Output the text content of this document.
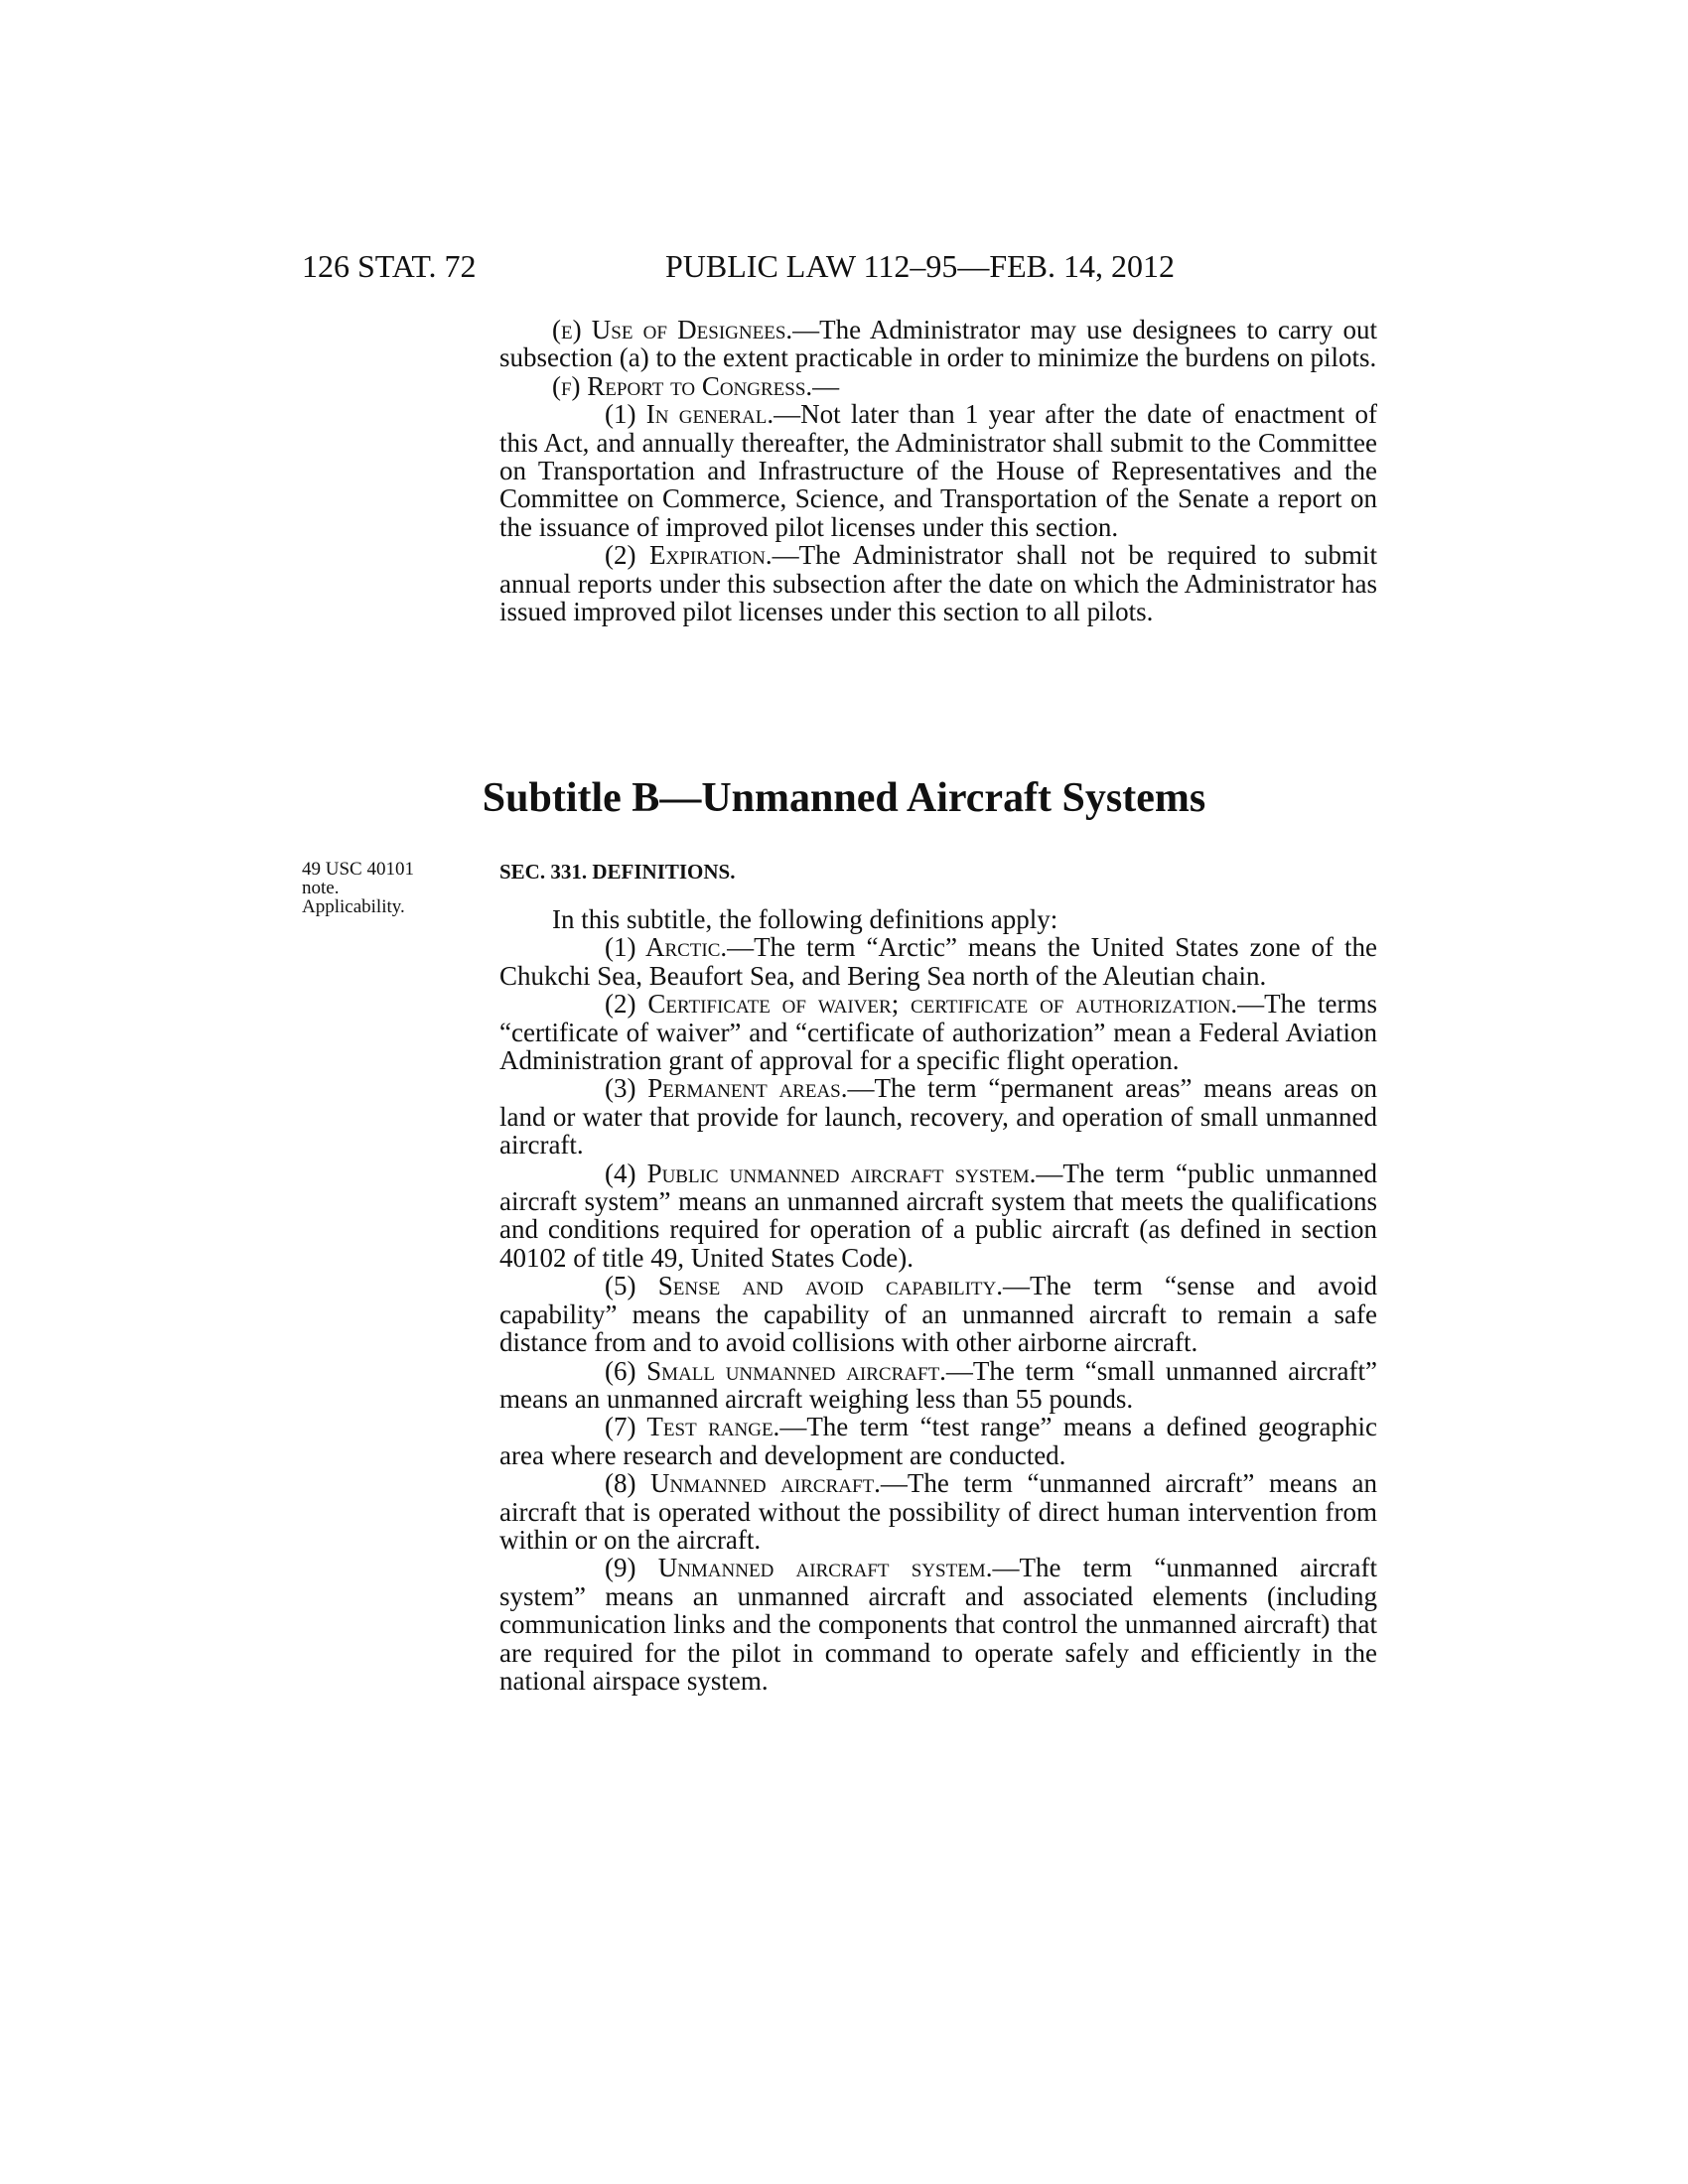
126 STAT. 72	PUBLIC LAW 112–95—FEB. 14, 2012

(e) Use of Designees.—The Administrator may use designees to carry out subsection (a) to the extent practicable in order to minimize the burdens on pilots.

(f) Report to Congress.—

(1) In general.—Not later than 1 year after the date of enactment of this Act, and annually thereafter, the Administrator shall submit to the Committee on Transportation and Infrastructure of the House of Representatives and the Committee on Commerce, Science, and Transportation of the Senate a report on the issuance of improved pilot licenses under this section.

(2) Expiration.—The Administrator shall not be required to submit annual reports under this subsection after the date on which the Administrator has issued improved pilot licenses under this section to all pilots.

Subtitle B—Unmanned Aircraft Systems
49 USC 40101
note.
Applicability.
SEC. 331. DEFINITIONS.

In this subtitle, the following definitions apply:

(1) Arctic.—The term “Arctic” means the United States zone of the Chukchi Sea, Beaufort Sea, and Bering Sea north of the Aleutian chain.

(2) Certificate of waiver; certificate of authorization.—The terms “certificate of waiver” and “certificate of authorization” mean a Federal Aviation Administration grant of approval for a specific flight operation.

(3) Permanent areas.—The term “permanent areas” means areas on land or water that provide for launch, recovery, and operation of small unmanned aircraft.

(4) Public unmanned aircraft system.—The term “public unmanned aircraft system” means an unmanned aircraft system that meets the qualifications and conditions required for operation of a public aircraft (as defined in section 40102 of title 49, United States Code).

(5) Sense and avoid capability.—The term “sense and avoid capability” means the capability of an unmanned aircraft to remain a safe distance from and to avoid collisions with other airborne aircraft.

(6) Small unmanned aircraft.—The term “small unmanned aircraft” means an unmanned aircraft weighing less than 55 pounds.

(7) Test range.—The term “test range” means a defined geographic area where research and development are conducted.

(8) Unmanned aircraft.—The term “unmanned aircraft” means an aircraft that is operated without the possibility of direct human intervention from within or on the aircraft.

(9) Unmanned aircraft system.—The term “unmanned aircraft system” means an unmanned aircraft and associated elements (including communication links and the components that control the unmanned aircraft) that are required for the pilot in command to operate safely and efficiently in the national airspace system.
